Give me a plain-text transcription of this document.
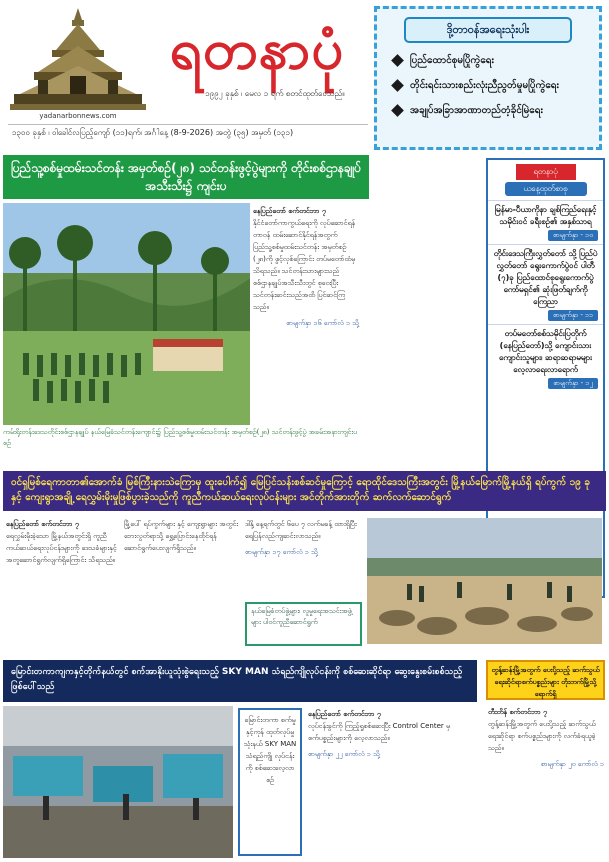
ရတနာပုံ
yadanarbonnews.com
၁၉၉၂ ခုနှစ် ၊ မေလ ၁ ရက် စတင်ထုတ်ဝေသည်။
၁၃ဝဝ ခုနှစ် ၊ ဝါခေါင်လပြည့်ကျော် (၁၁)ရက်၊ အင်္ဂါနေ့ (8-9-2026) အတွဲ (၃၅) အမှတ် (၁၃၁)
ဒို့တာဝန်အရေးသုံးပါး
ပြည်ထောင်စုမပြိုကွဲရေး
တိုင်းရင်းသားစည်းလုံးညီညွတ်မှုမပြိုကွဲရေး
အချုပ်အခြာအာဏာတည်တံ့ခိုင်မြဲရေး
ပြည်သူ့စစ်မှုထမ်းသင်တန်း အမှတ်စဉ်(၂၈) သင်တန်းဖွင့်ပွဲများကို တိုင်းစစ်ဌာနချုပ်အသီးသီး၌ ကျင်းပ
နေပြည်တော် စက်တင်ဘာ ၇
နိုင်ငံတော်ကာကွယ်ရေးကို လုပ်ဆောင်ရန် တာဝန် ထမ်းဆောင်နိုင်ရန်အတွက် ပြည်သူ့စစ်မှုထမ်းသင်တန်း အမှတ်စဉ် (၂၈)ကို ဖွင့်လှစ်ကြောင်း တပ်မတော်ထံမှ သိရသည်။ သင်တန်းသားများသည် စစ်ဌာနချုပ်အသီးသီးတွင် စုဝေးပြီး သင်တန်းဆင်းသည်အထိ ပြင်ဆင်ကြသည်။
စာမျက်နှာ ၁၆ ကော်လံ ၁ သို့
ကမ်းရိုးတန်းဒေသတိုင်းစစ်ဌာနချုပ် နယ်မြေခံသင်တန်းကျောင်း၌ ပြည်သူ့စစ်မှုထမ်းသင်တန်း အမှတ်စဉ်(၂၈) သင်တန်းဖွင့်ပွဲ အခမ်းအနားကျင်းပစဉ်
ရတနာပုံ
ယနေ့ထုတ်စာစု
မြန်မာ-ပီယာကိုနာ ချစ်ကြည်ရေးနှင့် သမိုင်းဝင် ခရီးစဉ်၏ အနှစ်သာရ
စာမျက်နှာ - ၁၀
တိုင်းဒေသကြီးလွှတ်တော် သို့ ပြည်ပဲလွှတ်တော် ရွေးကောက်ပွဲဝင် ပါတီ (၇)ခု ပြည်ထောင်စုရွေးကောက်ပွဲ ကော်မရှင်၏ ဆုံးဖြတ်ချက်ကို ကြေညာ
စာမျက်နှာ - ၁၁
တပ်မတော်စစ်သမိုင်းပြတိုက် (နေပြည်တော်)သို့ ကျောင်းသား ကျောင်းသူများ၊ ဆရာဆရာမများ လေ့လာရေးလာရောက်
စာမျက်နှာ - ၁၂
ဝင်ရှမြစ်ရေကာတာ၏အောက်ခံ မြစ်ကြီးနားသဲကြောမှ ထူးပေါက်၍ မြေပြင်သန်းစစ်ဆင်မှုကြောင့် ရောထိုင်ဒေသကြီးအတွင်း မြို့နယ်မြောက်မြို့နယ်ရှိ ရပ်ကွက် ၁၉ ခုနှင့် ကျေးရွာအချို့ ရေလွှမ်းမိုးမှုဖြစ်ပွားခဲ့သည်ကို ကူညီကယ်ဆယ်ရေးလုပ်ငန်းများ အင်တိုက်အားတိုက် ဆက်လက်ဆောင်ရွက်
နေပြည်တော် စက်တင်ဘာ ၇
ရေလွှမ်းမိုးခဲ့သော မြို့နယ်အတွင်းရှိ ကူညီကယ်ဆယ်ရေးလုပ်ငန်းများကို ဒေသခံများနှင့် အတူဆောင်ရွက်လျက်ရှိကြောင်း သိရသည်။
မြို့ပေါ် ရပ်ကွက်များ နှင့် ကျေးရွာများ အတွင်း ဘေးလွတ်ရာသို့ ရွှေ့ပြောင်းနေထိုင်ရန် ဆောင်ရွက်ပေးလျက်ရှိသည်။
ဒါနို့ နေ့ရက်တွင် ၆ပေ ၇ လက်မခန့် ထားရှိပြီး ရေပြန်လည်ကျဆင်းလာသည်။
စာမျက်နှာ ၁၇ ကော်လံ ၁ သို့
နယ်မြေခံတပ်ဖွဲ့များ၊ လူမှုရေးအသင်းအဖွဲ့များ ပါဝင်ကူညီဆောင်ရွက်
မြောင်းတကာကျကနှင့်တိုက်နယ်တွင် စက်အာနိုးယူသုံးစွဲရေးသည့် SKY MAN သံရည်ကျိုလုပ်ငန်းကို စစ်ဆေးဆိုင်ရာ ဆွေးနွေးစမ်းစစ်သည့် ဖြစ်ပေါ်သည်
မြောင်းတကာ စက်မှုနှင့်ကုန် ထုတ်လုပ်မှုသုံးနယ် SKY MAN သံရည်ကျို လုပ်ငန်းကို စစ်ဆေးလေ့လာစဉ်
နေပြည်တော် စက်တင်ဘာ ၇
လုပ်ငန်းခွင်ကို ကြည့်ရှုစစ်ဆေးပြီး Control Center မှ စက်ပစ္စည်းများကို လေ့လာသည်။
စာမျက်နှာ ၂၂ ကော်လံ ၁ သို့
တွန့်ဆန်းမြို့အတွက် ပေးပို့သည့် ဆက်သွယ်ရေးဆိုင်ရာစက်ပစ္စည်းများ တိုးတက်မြို့သို့ ရောက်ရှိ
တီးတိန် စက်တင်ဘာ ၇
တွန့်ဆန်းမြို့အတွက် ပေးပို့သည့် ဆက်သွယ်ရေးဆိုင်ရာ စက်ပစ္စည်းများကို လက်ခံရယူခဲ့သည်။
စာမျက်နှာ ၂၀ ကော်လံ ၁
